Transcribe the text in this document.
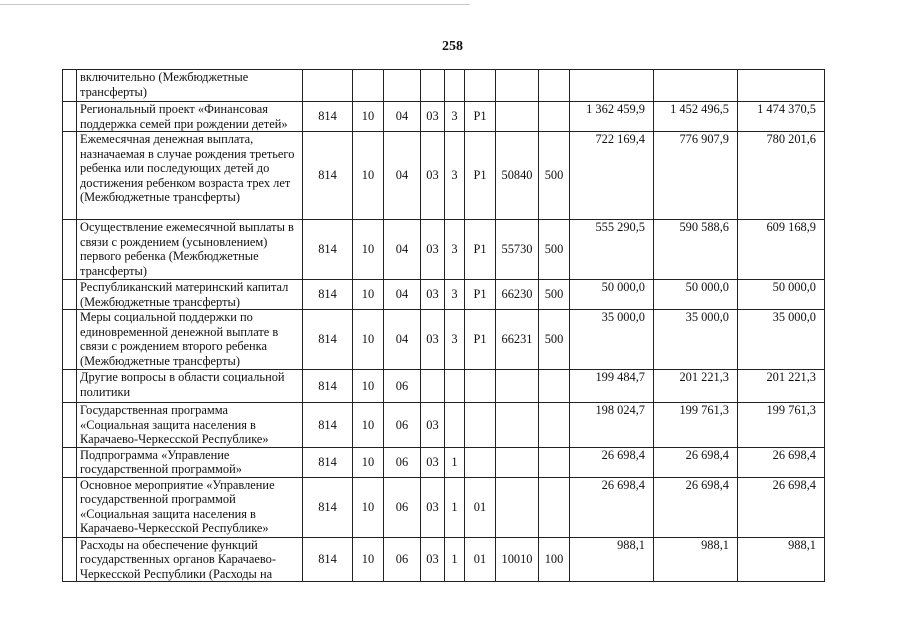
258
	включительно (Межбюджетные трансферты)											
	Региональный проект «Финансовая поддержка семей при рождении детей»	814	10	04	03	3	P1			1 362 459,9	1 452 496,5	1 474 370,5
	Ежемесячная денежная выплата, назначаемая в случае рождения третьего ребенка или последующих детей до достижения ребенком возраста трех лет (Межбюджетные трансферты)	814	10	04	03	3	P1	50840	500	722 169,4	776 907,9	780 201,6
	Осуществление ежемесячной выплаты в связи с рождением (усыновлением) первого ребенка (Межбюджетные трансферты)	814	10	04	03	3	P1	55730	500	555 290,5	590 588,6	609 168,9
	Республиканский материнский капитал (Межбюджетные трансферты)	814	10	04	03	3	P1	66230	500	50 000,0	50 000,0	50 000,0
	Меры социальной поддержки по единовременной денежной выплате в связи с рождением второго ребенка (Межбюджетные трансферты)	814	10	04	03	3	P1	66231	500	35 000,0	35 000,0	35 000,0
	Другие вопросы в области социальной политики	814	10	06						199 484,7	201 221,3	201 221,3
	Государственная программа «Социальная защита населения в Карачаево-Черкесской Республике»	814	10	06	03					198 024,7	199 761,3	199 761,3
	Подпрограмма «Управление государственной программой»	814	10	06	03	1				26 698,4	26 698,4	26 698,4
	Основное мероприятие «Управление государственной программой «Социальная защита населения в Карачаево-Черкесской Республике»	814	10	06	03	1	01			26 698,4	26 698,4	26 698,4
	Расходы на обеспечение функций государственных органов Карачаево-Черкесской Республики (Расходы на	814	10	06	03	1	01	10010	100	988,1	988,1	988,1
